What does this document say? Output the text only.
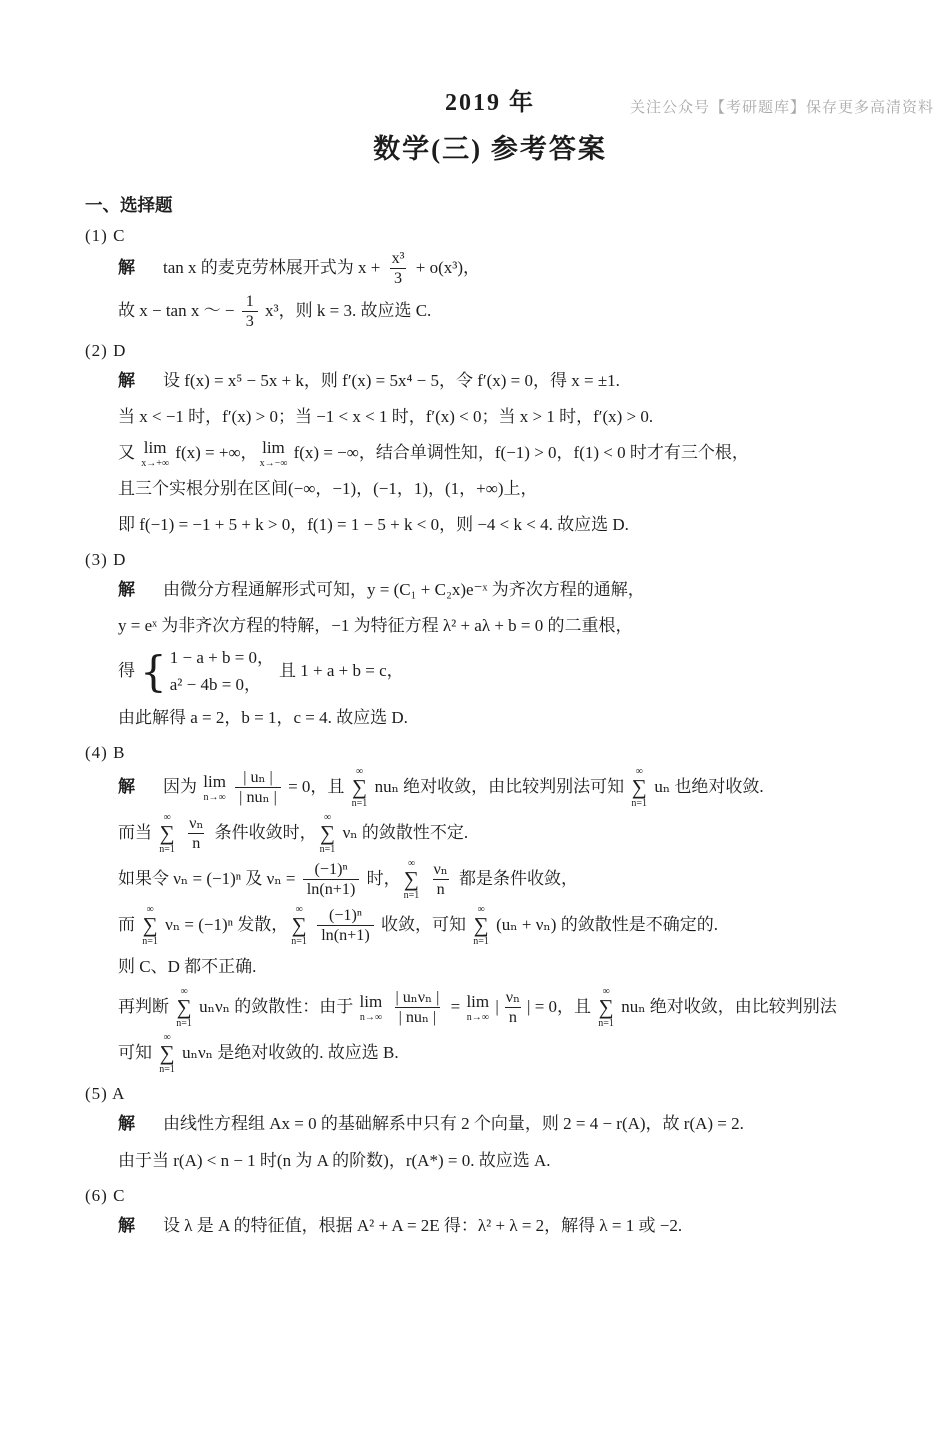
关注公众号【考研题库】保存更多高清资料
2019 年
数学(三) 参考答案
一、选择题
(1) C
解 tan x 的麦克劳林展开式为 $x + \frac{\text{x³}}{3} + o(x^3)$，
故 x − tan x ～ − $\frac{1}{3} x^3$，则 k = 3. 故应选 C.
(2) D
解 设 f(x) = x⁵ − 5x + k，则 f′(x) = 5x⁴ − 5，令 f′(x) = 0，得 x = ±1.
当 x < −1 时，f′(x) > 0；当 −1 < x < 1 时，f′(x) < 0；当 x > 1 时，f′(x) > 0.
又 lim
x→+∞
f(x) = +∞， lim
x→−∞
f(x) = −∞，结合单调性知，f(−1) > 0，f(1) < 0 时才有三个根，
且三个实根分别在区间(−∞，−1)，(−1，1)，(1，+∞)上，
即 f(−1) = −1 + 5 + k > 0，f(1) = 1 − 5 + k < 0，则 −4 < k < 4. 故应选 D.
(3) D
解 由微分方程通解形式可知，y = (C₁ + C₂x)e⁻ˣ 为齐次方程的通解，
y = eˣ 为非齐次方程的特解，−1 为特征方程 λ² + aλ + b = 0 的二重根，
得 { 1 − a + b = 0，
a² − 4b = 0，
且 1 + a + b = c，
由此解得 a = 2，b = 1，c = 4. 故应选 D.
(4) B
解 因为 lim
n→∞
$\frac{\text{| uₙ |}}{\text{| nuₙ |}} = 0$，且
∞
∑
n=1
nuₙ 绝对收敛，由比较判别法可知
∞
∑
n=1
uₙ 也绝对收敛.
而当
∞
∑
n=1
$\frac{\text{νₙ}}{n}$ 条件收敛时，
∞
∑
n=1
νₙ 的敛散性不定.
如果令 νₙ = (−1)ⁿ 及 $\nu_n = \frac{\text{(−1)ⁿ}}{\ln(n+1)}$ 时，
∞
∑
n=1
$\frac{\text{νₙ}}{n}$ 都是条件收敛，
而
∞
∑
n=1
νₙ = (−1)ⁿ 发散，
∞
∑
n=1
$\frac{\text{(−1)ⁿ}}{\ln(n+1)}$ 收敛，可知
∞
∑
n=1
(uₙ + νₙ) 的敛散性是不确定的.
则 C、D 都不正确.
再判断
∞
∑
n=1
uₙνₙ 的敛散性：由于 lim
n→∞
$\frac{\text{| uₙνₙ |}}{\text{| nuₙ |}} = \lim$
n→∞
| $\frac{\text{νₙ}}{n}$ | = 0，且
∞
∑
n=1
nuₙ 绝对收敛，由比较判别法
可知
∞
∑
n=1
uₙνₙ 是绝对收敛的. 故应选 B.
(5) A
解 由线性方程组 Ax = 0 的基础解系中只有 2 个向量，则 2 = 4 − r(A)，故 r(A) = 2.
由于当 r(A) < n − 1 时(n 为 A 的阶数)，r(A*) = 0. 故应选 A.
(6) C
解 设 λ 是 A 的特征值，根据 A² + A = 2E 得：λ² + λ = 2，解得 λ = 1 或 −2.
